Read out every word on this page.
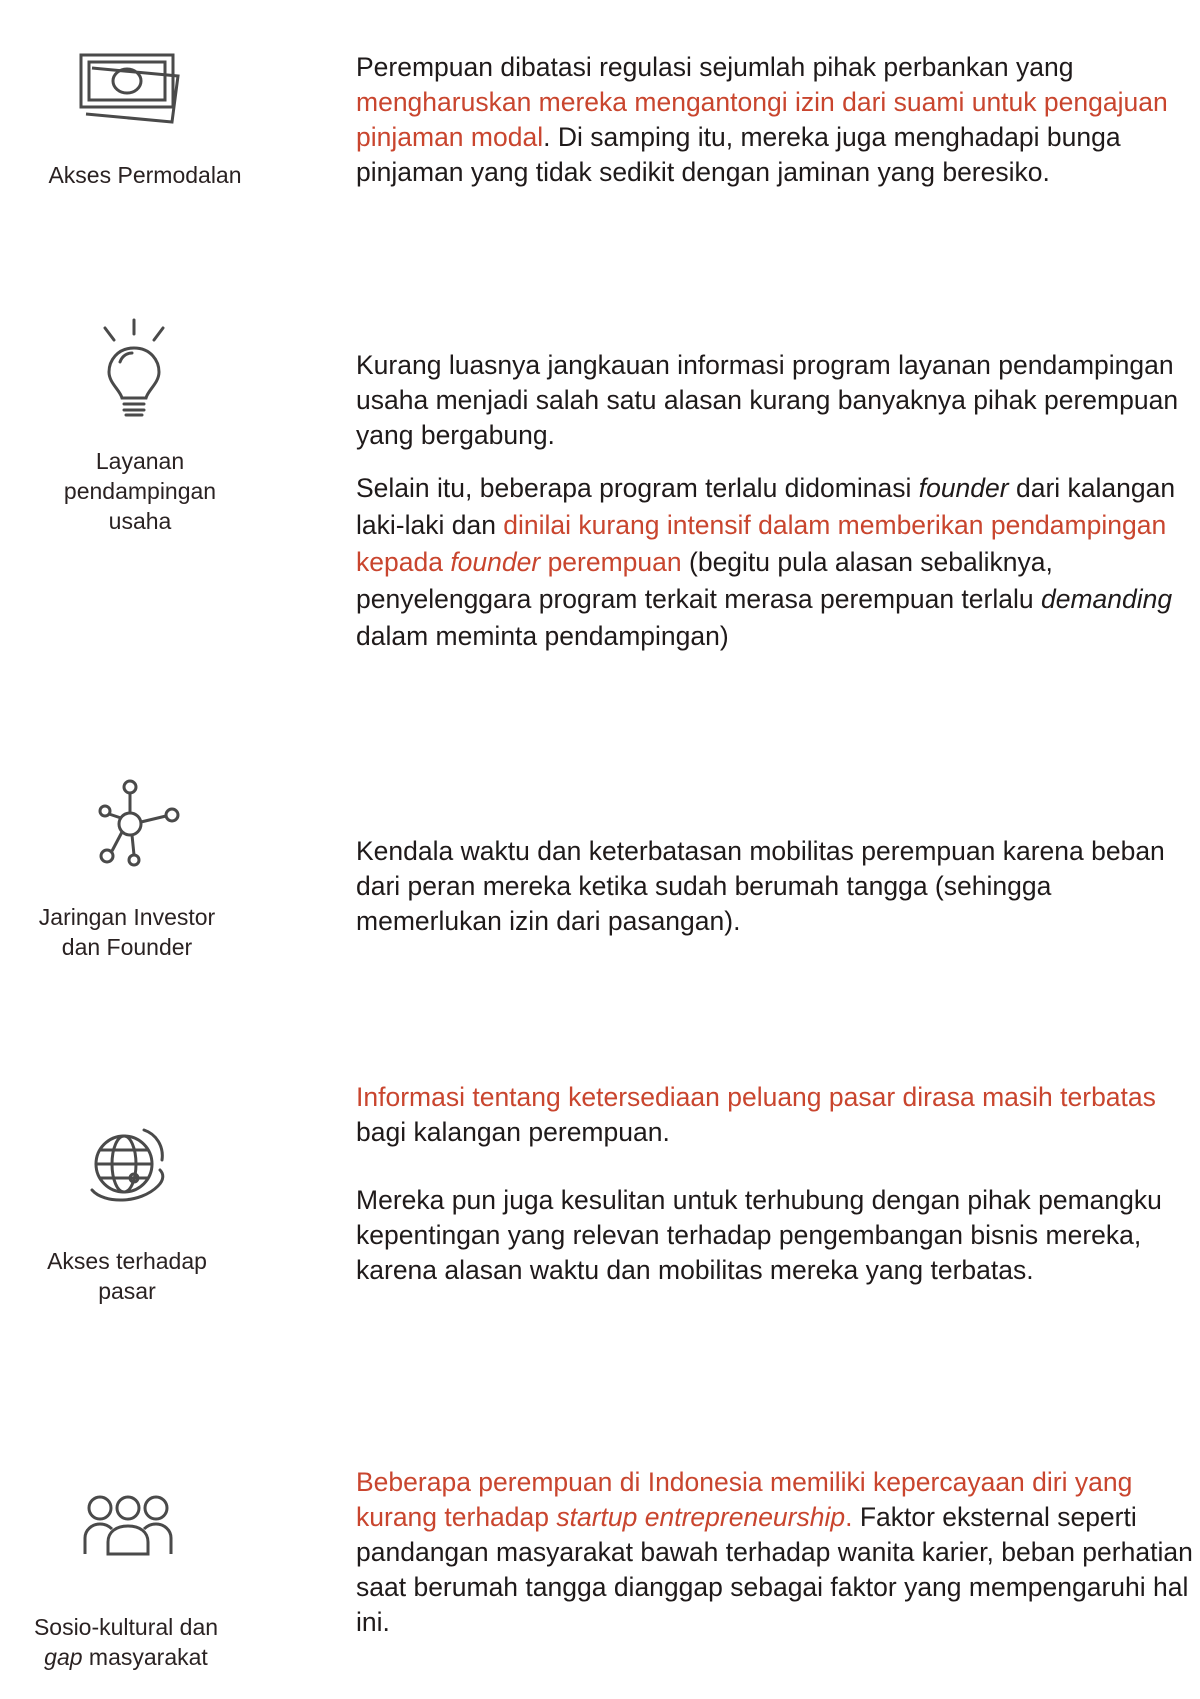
Akses Permodalan

Perempuan dibatasi regulasi sejumlah pihak perbankan yang mengharuskan mereka mengantongi izin dari suami untuk pengajuan pinjaman modal. Di samping itu, mereka juga menghadapi bunga pinjaman yang tidak sedikit dengan jaminan yang beresiko.

Layanan
pendampingan
usaha

Kurang luasnya jangkauan informasi program layanan pendampingan usaha menjadi salah satu alasan kurang banyaknya pihak perempuan yang bergabung.

Selain itu, beberapa program terlalu didominasi founder dari kalangan laki-laki dan dinilai kurang intensif dalam memberikan pendampingan kepada founder perempuan (begitu pula alasan sebaliknya, penyelenggara program terkait merasa perempuan terlalu demanding dalam meminta pendampingan)

Jaringan Investor
dan Founder

Kendala waktu dan keterbatasan mobilitas perempuan karena beban dari peran mereka ketika sudah berumah tangga (sehingga memerlukan izin dari pasangan).

Akses terhadap
pasar

Informasi tentang ketersediaan peluang pasar dirasa masih terbatas bagi kalangan perempuan.

Mereka pun juga kesulitan untuk terhubung dengan pihak pemangku kepentingan yang relevan terhadap pengembangan bisnis mereka, karena alasan waktu dan mobilitas mereka yang terbatas.

Sosio-kultural dan
gap masyarakat

Beberapa perempuan di Indonesia memiliki kepercayaan diri yang kurang terhadap startup entrepreneurship. Faktor eksternal seperti pandangan masyarakat bawah terhadap wanita karier, beban perhatian saat berumah tangga dianggap sebagai faktor yang mempengaruhi hal ini.
